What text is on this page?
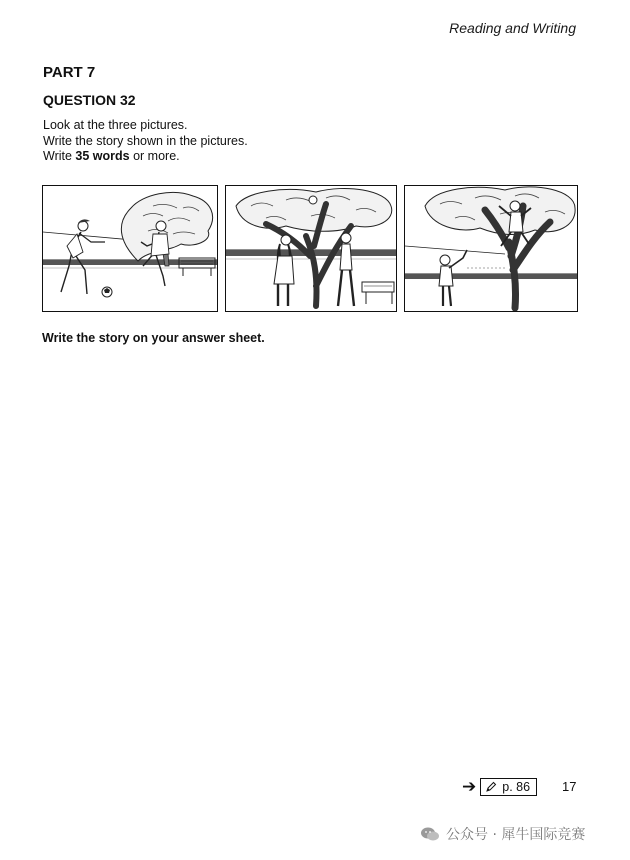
Reading and Writing
PART 7
QUESTION 32
Look at the three pictures.
Write the story shown in the pictures.
Write 35 words or more.
Write the story on your answer sheet.
➔ p. 86 17
公众号 · 犀牛国际竞赛
